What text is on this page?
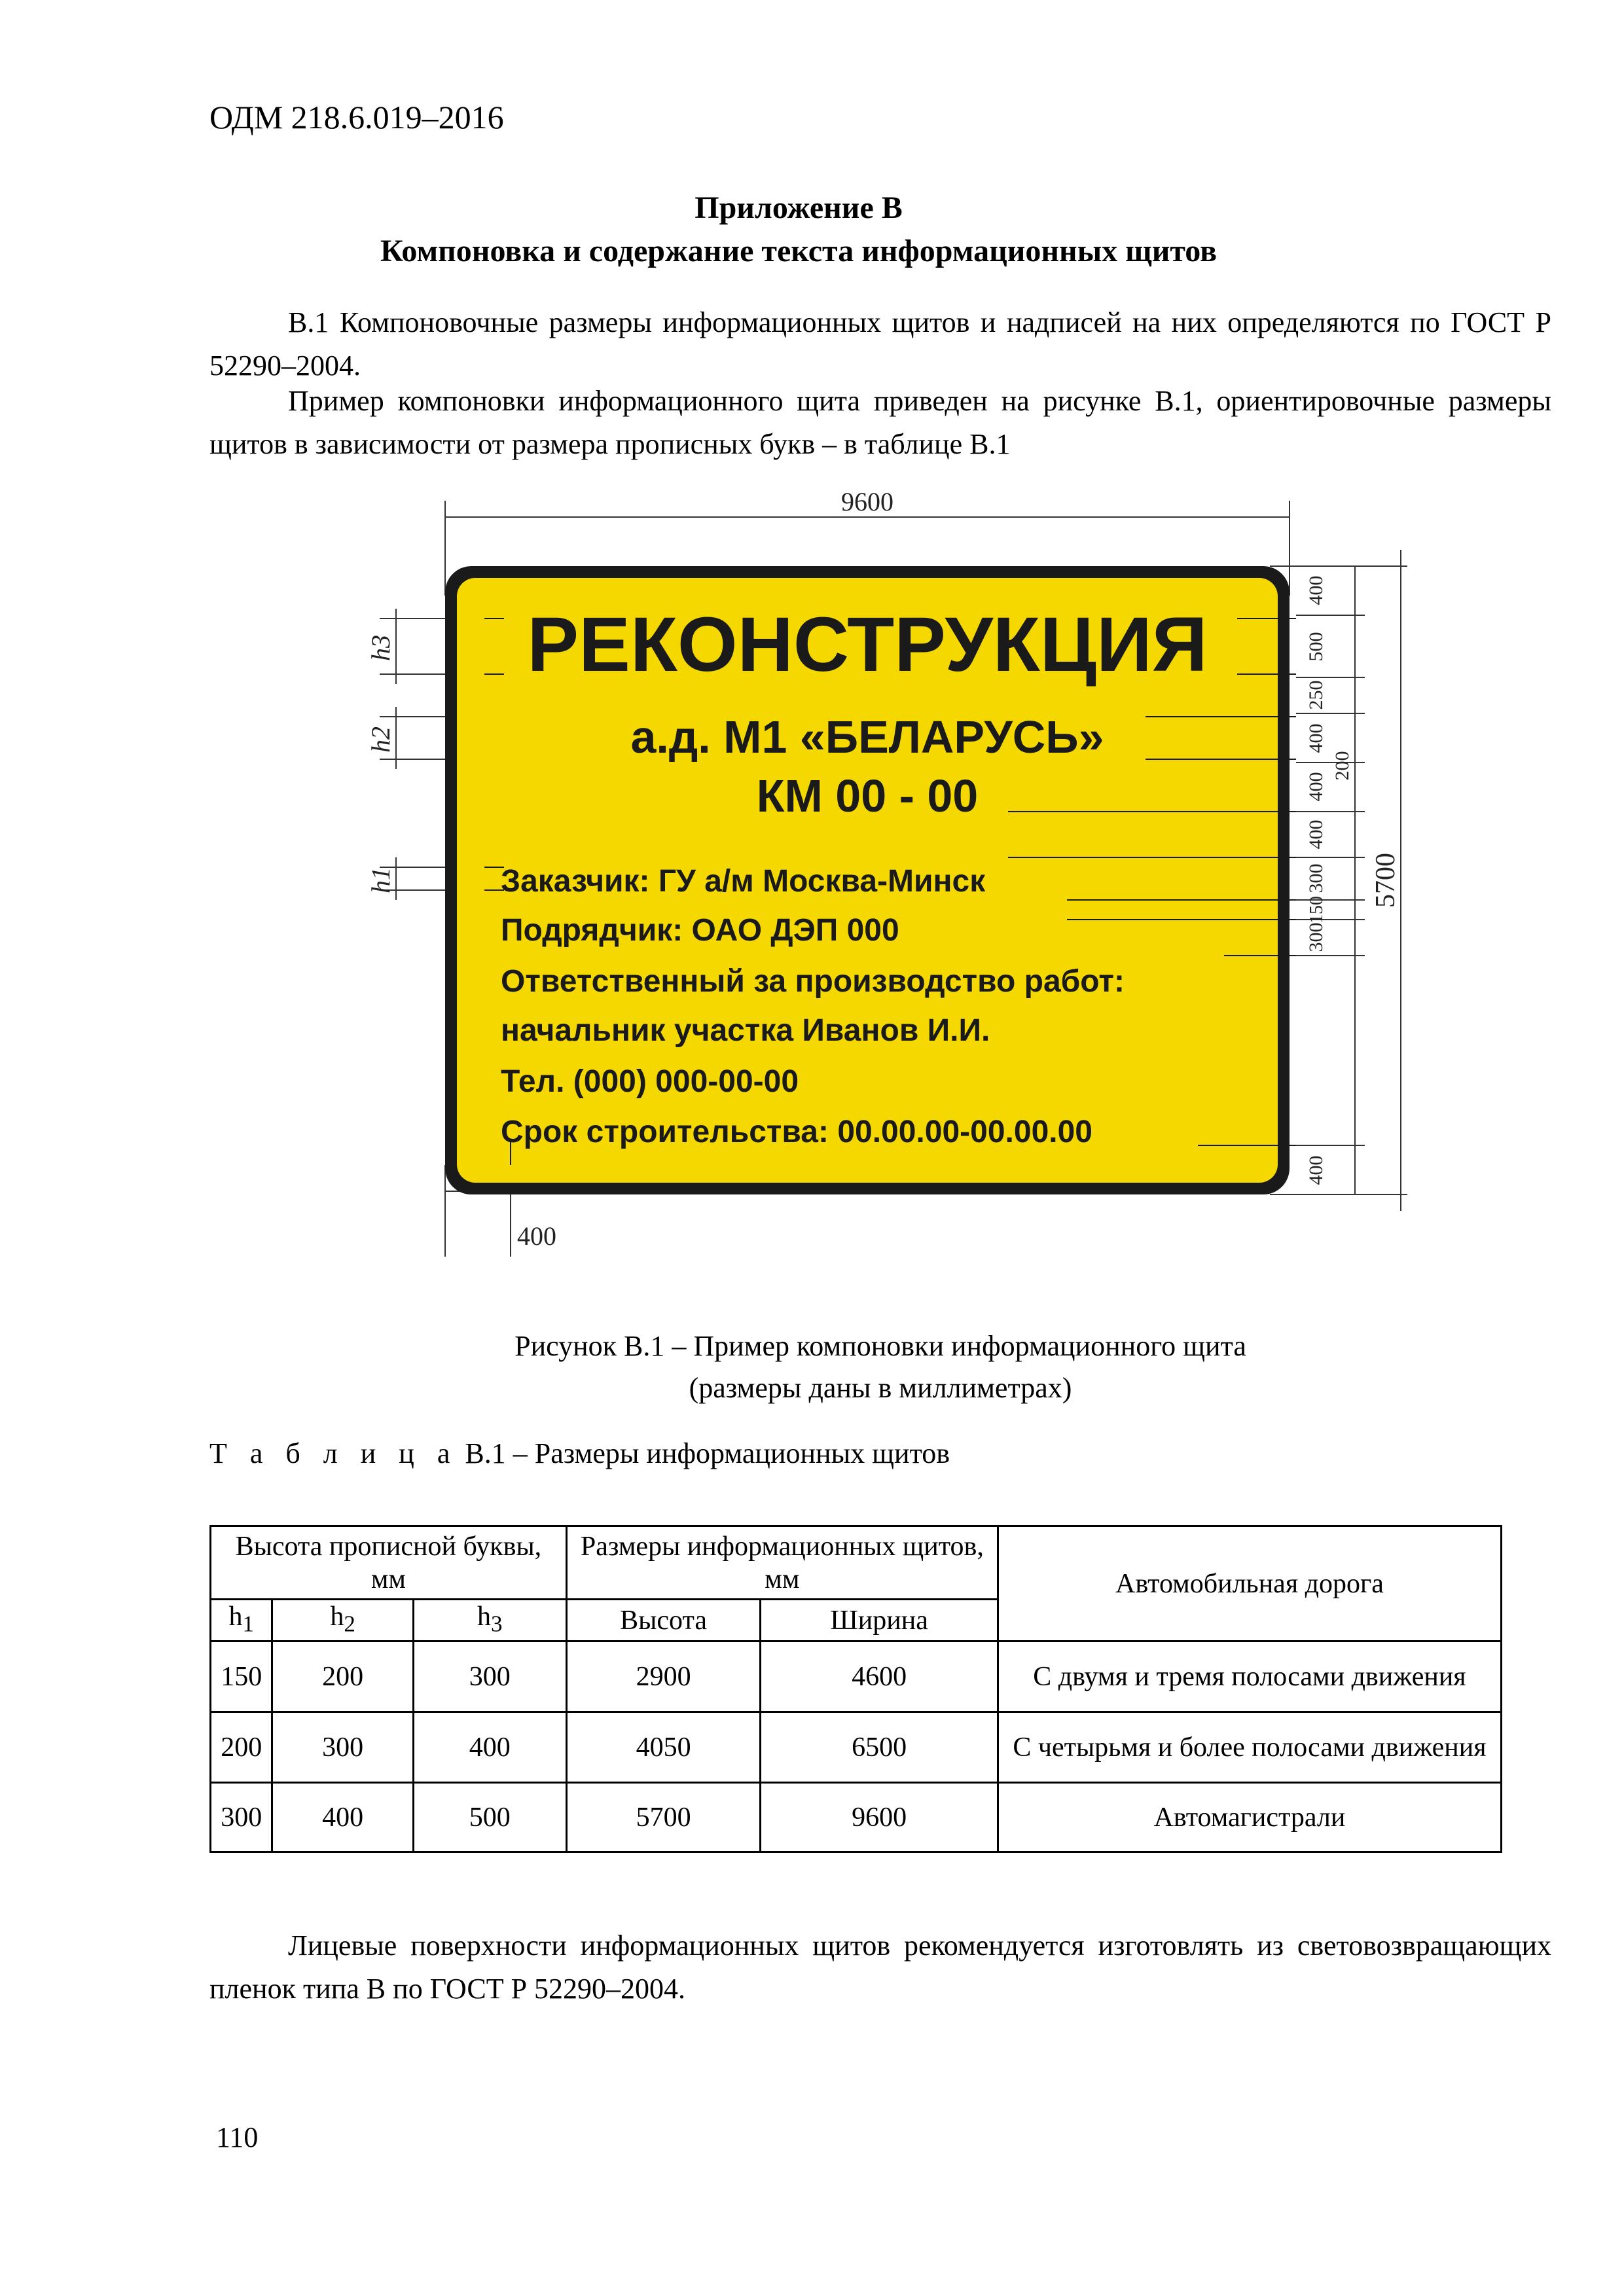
ОДМ 218.6.019–2016
Приложение В
Компоновка и содержание текста информационных щитов
В.1 Компоновочные размеры информационных щитов и надписей на них определяются по ГОСТ Р 52290–2004.
Пример компоновки информационного щита приведен на рисунке В.1, ориентировочные размеры щитов в зависимости от размера прописных букв – в таблице В.1
РЕКОНСТРУКЦИЯ
а.д. М1 «БЕЛАРУСЬ»
КМ 00 - 00
Заказчик: ГУ а/м Москва-Минск
Подрядчик: ОАО ДЭП 000
Ответственный за производство работ:
начальник участка Иванов И.И.
Тел. (000) 000-00-00
Срок строительства: 00.00.00-00.00.00
9600
400
h3
h2
h1	5700
200
400
500
250
400
400
400
300
150
300
400
Рисунок В.1 – Пример компоновки информационного щита
(размеры даны в миллиметрах)
Т а б л и ц а В.1 – Размеры информационных щитов
Высота прописной буквы, мм			Размеры информационных щитов, мм		Автомобильная дорога
$h_1$	$h_2$	$h_3$	Высота	Ширина	
150	200	300	2900	4600	С двумя и тремя полосами движения
200	300	400	4050	6500	С четырьмя и более полосами движения
300	400	500	5700	9600	Автомагистрали
Лицевые поверхности информационных щитов рекомендуется изготовлять из световозвращающих пленок типа В по ГОСТ Р 52290–2004.
110
